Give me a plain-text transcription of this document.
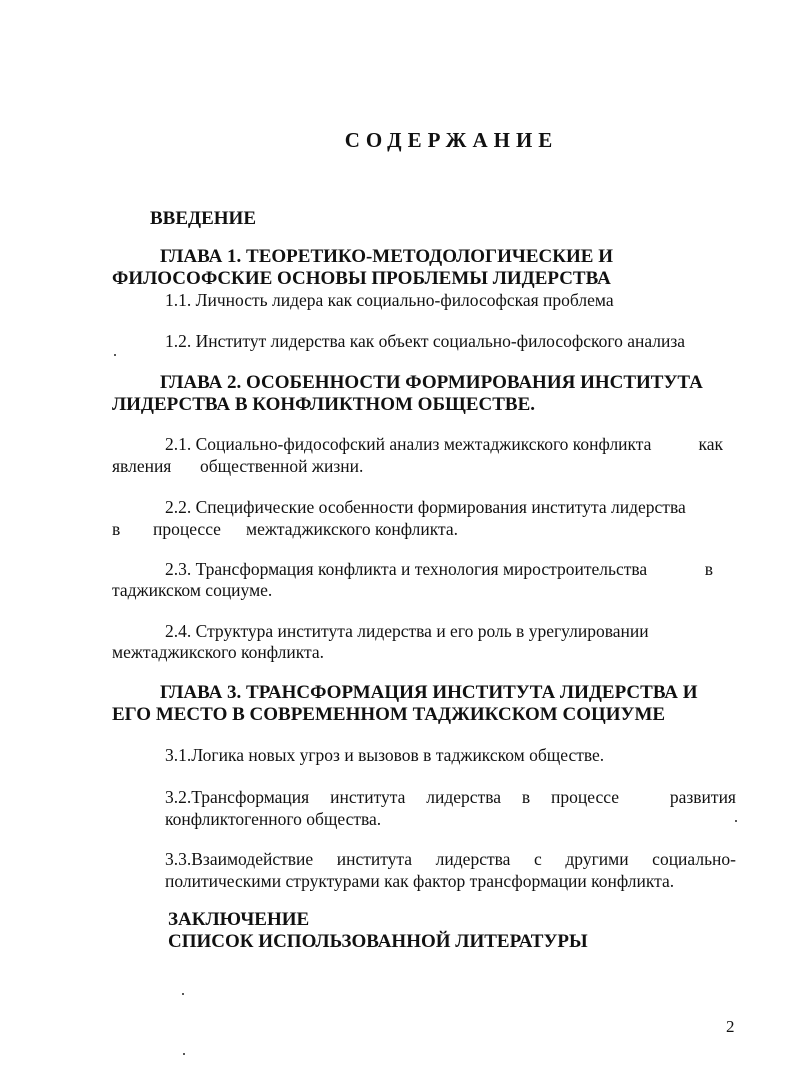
СОДЕРЖАНИЕ
ВВЕДЕНИЕ
ГЛАВА 1. ТЕОРЕТИКО-МЕТОДОЛОГИЧЕСКИЕ И
ФИЛОСОФСКИЕ ОСНОВЫ ПРОБЛЕМЫ ЛИДЕРСТВА
1.1. Личность лидера как социально-философская проблема
1.2. Институт лидерства как объект социально-философского анализа
ГЛАВА 2. ОСОБЕННОСТИ ФОРМИРОВАНИЯ ИНСТИТУТА
ЛИДЕРСТВА В КОНФЛИКТНОМ ОБЩЕСТВЕ.
2.1. Социально-фидософский анализ межтаджикского конфликта	как
явления общественной жизни.
2.2. Специфические особенности формирования института лидерства
в процессе межтаджикского конфликта.
2.3. Трансформация конфликта и технология миростроительства	в
таджикском социуме.
2.4. Структура института лидерства и его роль в урегулировании
межтаджикского конфликта.
ГЛАВА 3. ТРАНСФОРМАЦИЯ ИНСТИТУТА ЛИДЕРСТВА И
ЕГО МЕСТО В СОВРЕМЕННОМ ТАДЖИКСКОМ СОЦИУМЕ
3.1.Логика новых угроз и вызовов в таджикском обществе.
3.2.Трансформация института лидерства в процессе	развития
конфликтогенного общества.
3.3.Взаимодействие института лидерства с другими социально-
политическими структурами как фактор трансформации конфликта.
ЗАКЛЮЧЕНИЕ
СПИСОК ИСПОЛЬЗОВАННОЙ ЛИТЕРАТУРЫ
2
